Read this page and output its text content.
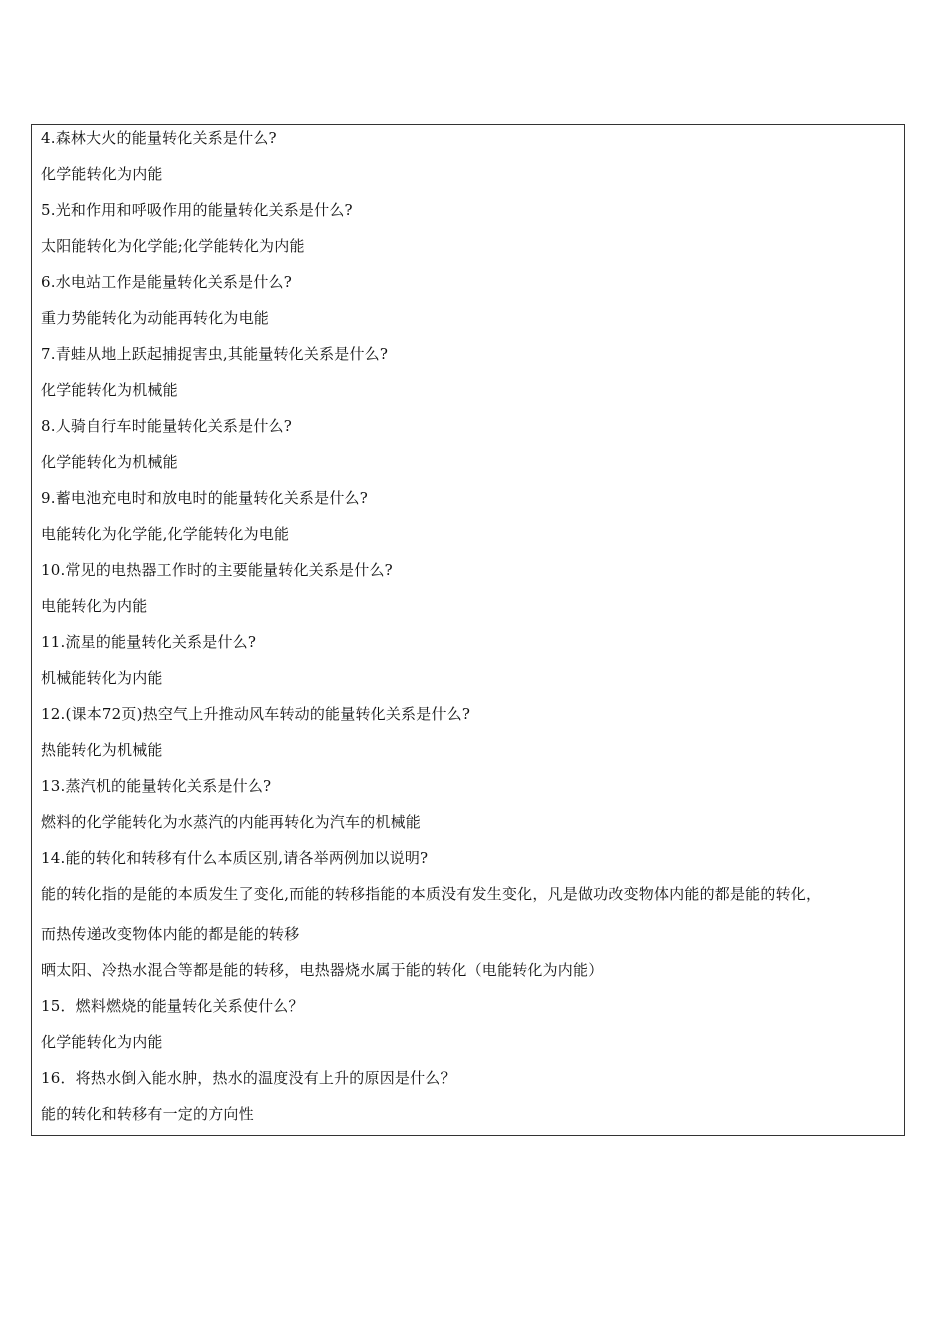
4.森林大火的能量转化关系是什么?
化学能转化为内能
5.光和作用和呼吸作用的能量转化关系是什么?
太阳能转化为化学能;化学能转化为内能
6.水电站工作是能量转化关系是什么?
重力势能转化为动能再转化为电能
7.青蛙从地上跃起捕捉害虫,其能量转化关系是什么?
化学能转化为机械能
8.人骑自行车时能量转化关系是什么?
化学能转化为机械能
9.蓄电池充电时和放电时的能量转化关系是什么?
电能转化为化学能,化学能转化为电能
10.常见的电热器工作时的主要能量转化关系是什么?
电能转化为内能
11.流星的能量转化关系是什么?
机械能转化为内能
12.(课本72页)热空气上升推动风车转动的能量转化关系是什么?
热能转化为机械能
13.蒸汽机的能量转化关系是什么?
燃料的化学能转化为水蒸汽的内能再转化为汽车的机械能
14.能的转化和转移有什么本质区别,请各举两例加以说明?
能的转化指的是能的本质发生了变化,而能的转移指能的本质没有发生变化，凡是做功改变物体内能的都是能的转化，
而热传递改变物体内能的都是能的转移
晒太阳、冷热水混合等都是能的转移，电热器烧水属于能的转化（电能转化为内能）
15．燃料燃烧的能量转化关系使什么？
化学能转化为内能
16．将热水倒入能水肿，热水的温度没有上升的原因是什么？
能的转化和转移有一定的方向性
